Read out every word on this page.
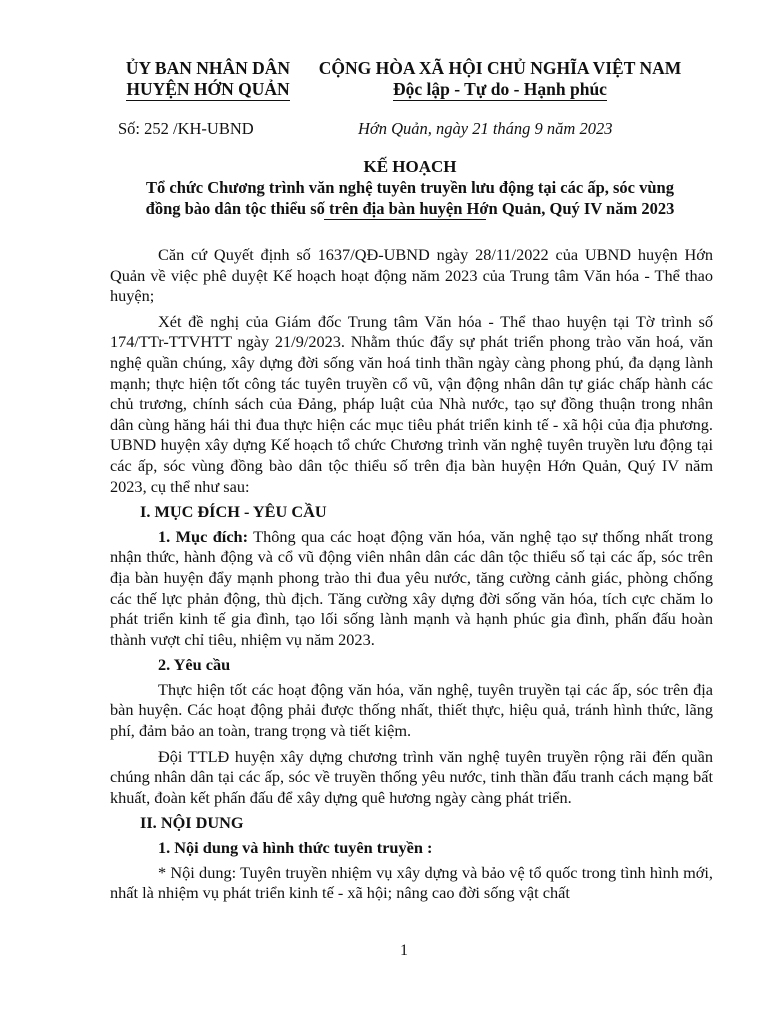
ỦY BAN NHÂN DÂN
HUYỆN HỚN QUẢN
CỘNG HÒA XÃ HỘI CHỦ NGHĨA VIỆT NAM
Độc lập - Tự do - Hạnh phúc
Số: 252 /KH-UBND	Hớn Quản, ngày 21 tháng 9 năm 2023
KẾ HOẠCH
Tổ chức Chương trình văn nghệ tuyên truyền lưu động tại các ấp, sóc vùng
đồng bào dân tộc thiểu số trên địa bàn huyện Hớn Quản, Quý IV năm 2023

Căn cứ Quyết định số 1637/QĐ-UBND ngày 28/11/2022 của UBND huyện Hớn Quản về việc phê duyệt Kế hoạch hoạt động năm 2023 của Trung tâm Văn hóa - Thể thao huyện;

Xét đề nghị của Giám đốc Trung tâm Văn hóa - Thể thao huyện tại Tờ trình số 174/TTr-TTVHTT ngày 21/9/2023. Nhằm thúc đẩy sự phát triển phong trào văn hoá, văn nghệ quần chúng, xây dựng đời sống văn hoá tinh thần ngày càng phong phú, đa dạng lành mạnh; thực hiện tốt công tác tuyên truyền cổ vũ, vận động nhân dân tự giác chấp hành các chủ trương, chính sách của Đảng, pháp luật của Nhà nước, tạo sự đồng thuận trong nhân dân cùng hăng hái thi đua thực hiện các mục tiêu phát triển kinh tế - xã hội của địa phương. UBND huyện xây dựng Kế hoạch tổ chức Chương trình văn nghệ tuyên truyền lưu động tại các ấp, sóc vùng đồng bào dân tộc thiểu số trên địa bàn huyện Hớn Quản, Quý IV năm 2023, cụ thể như sau:

I. MỤC ĐÍCH - YÊU CẦU

1. Mục đích: Thông qua các hoạt động văn hóa, văn nghệ tạo sự thống nhất trong nhận thức, hành động và cổ vũ động viên nhân dân các dân tộc thiểu số tại các ấp, sóc trên địa bàn huyện đẩy mạnh phong trào thi đua yêu nước, tăng cường cảnh giác, phòng chống các thế lực phản động, thù địch. Tăng cường xây dựng đời sống văn hóa, tích cực chăm lo phát triển kinh tế gia đình, tạo lối sống lành mạnh và hạnh phúc gia đình, phấn đấu hoàn thành vượt chỉ tiêu, nhiệm vụ năm 2023.

2. Yêu cầu

Thực hiện tốt các hoạt động văn hóa, văn nghệ, tuyên truyền tại các ấp, sóc trên địa bàn huyện. Các hoạt động phải được thống nhất, thiết thực, hiệu quả, tránh hình thức, lãng phí, đảm bảo an toàn, trang trọng và tiết kiệm.

Đội TTLĐ huyện xây dựng chương trình văn nghệ tuyên truyền rộng rãi đến quần chúng nhân dân tại các ấp, sóc về truyền thống yêu nước, tinh thần đấu tranh cách mạng bất khuất, đoàn kết phấn đấu để xây dựng quê hương ngày càng phát triển.

II. NỘI DUNG
1. Nội dung và hình thức tuyên truyền :

* Nội dung: Tuyên truyền nhiệm vụ xây dựng và bảo vệ tổ quốc trong tình hình mới, nhất là nhiệm vụ phát triển kinh tế - xã hội; nâng cao đời sống vật chất

1
